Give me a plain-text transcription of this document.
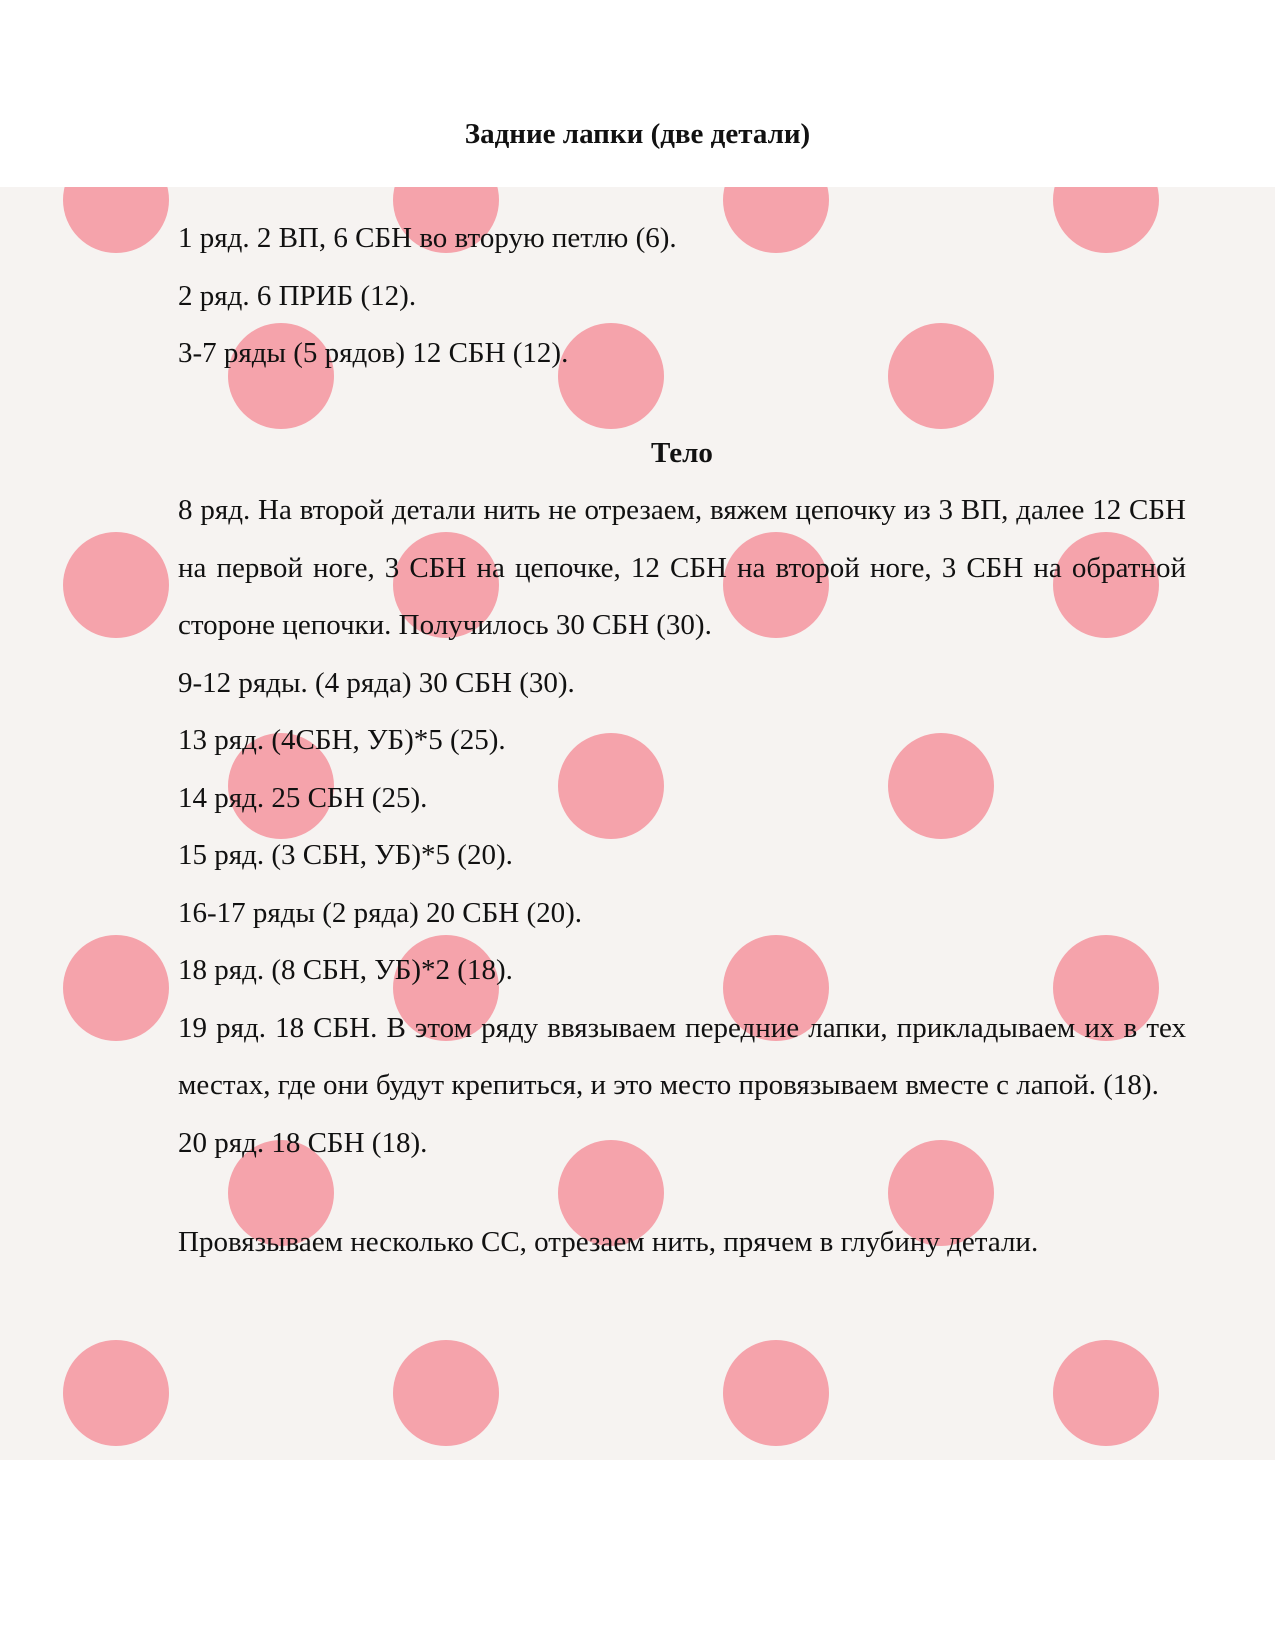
Задние лапки (две детали)

1 ряд. 2 ВП, 6 СБН во вторую петлю (6).

2 ряд. 6 ПРИБ (12).

3-7 ряды (5 рядов) 12 СБН (12).

Тело

8 ряд. На второй детали нить не отрезаем, вяжем цепочку из 3 ВП, далее 12 СБН на первой ноге, 3 СБН на цепочке, 12 СБН на второй ноге, 3 СБН на обратной стороне цепочки. Получилось 30 СБН (30).

9-12 ряды. (4 ряда) 30 СБН (30).

13 ряд. (4СБН, УБ)*5 (25).

14 ряд. 25 СБН (25).

15 ряд. (3 СБН, УБ)*5 (20).

16-17 ряды (2 ряда) 20 СБН (20).

18 ряд. (8 СБН, УБ)*2 (18).

19 ряд. 18 СБН. В этом ряду ввязываем передние лапки, прикладываем их в тех местах, где они будут крепиться, и это место провязываем вместе с лапой. (18).

20 ряд. 18 СБН (18).

Провязываем несколько СС, отрезаем нить, прячем в глубину детали.
